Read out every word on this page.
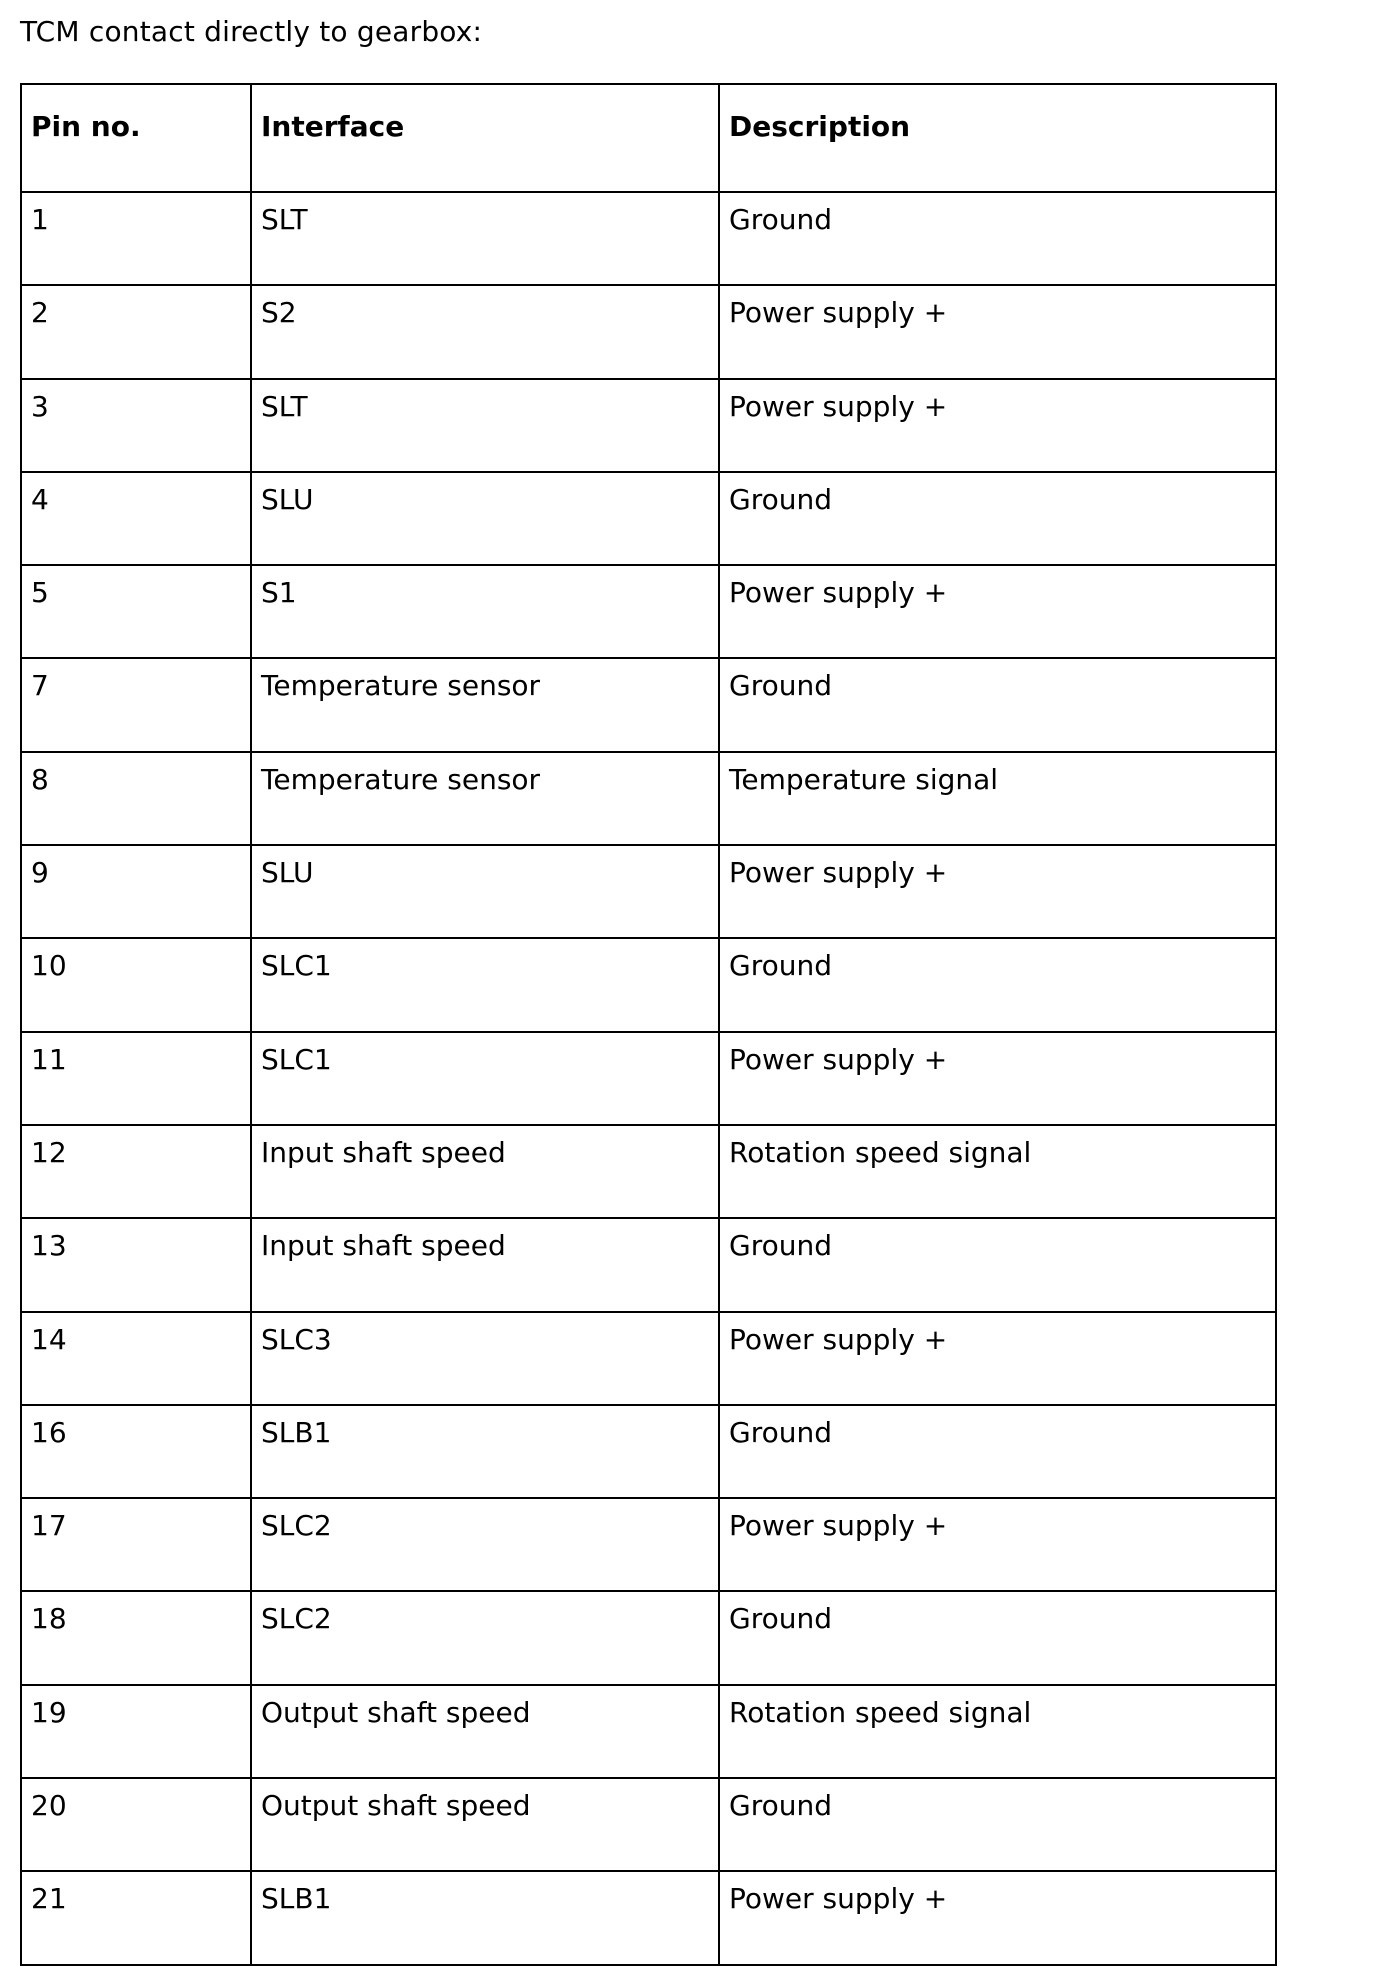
TCM contact directly to gearbox:
Pin no.	Interface	Description
1	SLT	Ground
2	S2	Power supply +
3	SLT	Power supply +
4	SLU	Ground
5	S1	Power supply +
7	Temperature sensor	Ground
8	Temperature sensor	Temperature signal
9	SLU	Power supply +
10	SLC1	Ground
11	SLC1	Power supply +
12	Input shaft speed	Rotation speed signal
13	Input shaft speed	Ground
14	SLC3	Power supply +
16	SLB1	Ground
17	SLC2	Power supply +
18	SLC2	Ground
19	Output shaft speed	Rotation speed signal
20	Output shaft speed	Ground
21	SLB1	Power supply +
